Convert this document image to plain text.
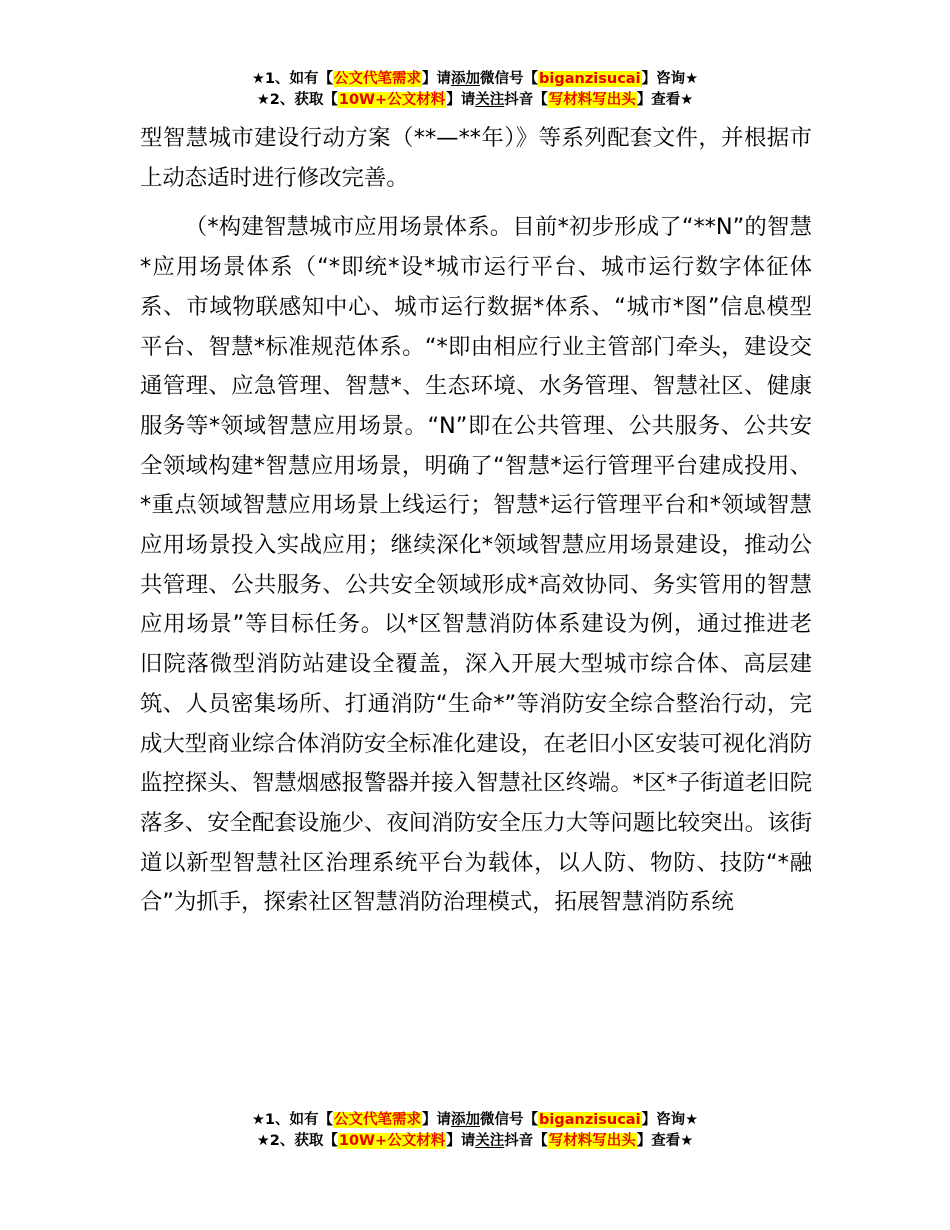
★1、如有【公文代笔需求】请添加微信号【biganzisucai】咨询★
★2、获取【10W+公文材料】请关注抖音【写材料写出头】查看★

型智慧城市建设行动方案（**—**年）》等系列配套文件，并根据市上动态适时进行修改完善。

（*构建智慧城市应用场景体系。目前*初步形成了“**N”的智慧*应用场景体系（“*即统*设*城市运行平台、城市运行数字体征体系、市域物联感知中心、城市运行数据*体系、“城市*图”信息模型平台、智慧*标准规范体系。“*即由相应行业主管部门牵头，建设交通管理、应急管理、智慧*、生态环境、水务管理、智慧社区、健康服务等*领域智慧应用场景。“N”即在公共管理、公共服务、公共安全领域构建*智慧应用场景，明确了“智慧*运行管理平台建成投用、*重点领域智慧应用场景上线运行；智慧*运行管理平台和*领域智慧应用场景投入实战应用；继续深化*领域智慧应用场景建设，推动公共管理、公共服务、公共安全领域形成*高效协同、务实管用的智慧应用场景”等目标任务。以*区智慧消防体系建设为例，通过推进老旧院落微型消防站建设全覆盖，深入开展大型城市综合体、高层建筑、人员密集场所、打通消防“生命*”等消防安全综合整治行动，完成大型商业综合体消防安全标准化建设，在老旧小区安装可视化消防监控探头、智慧烟感报警器并接入智慧社区终端。*区*子街道老旧院落多、安全配套设施少、夜间消防安全压力大等问题比较突出。该街道以新型智慧社区治理系统平台为载体，以人防、物防、技防“*融合”为抓手，探索社区智慧消防治理模式，拓展智慧消防系统

★1、如有【公文代笔需求】请添加微信号【biganzisucai】咨询★
★2、获取【10W+公文材料】请关注抖音【写材料写出头】查看★
